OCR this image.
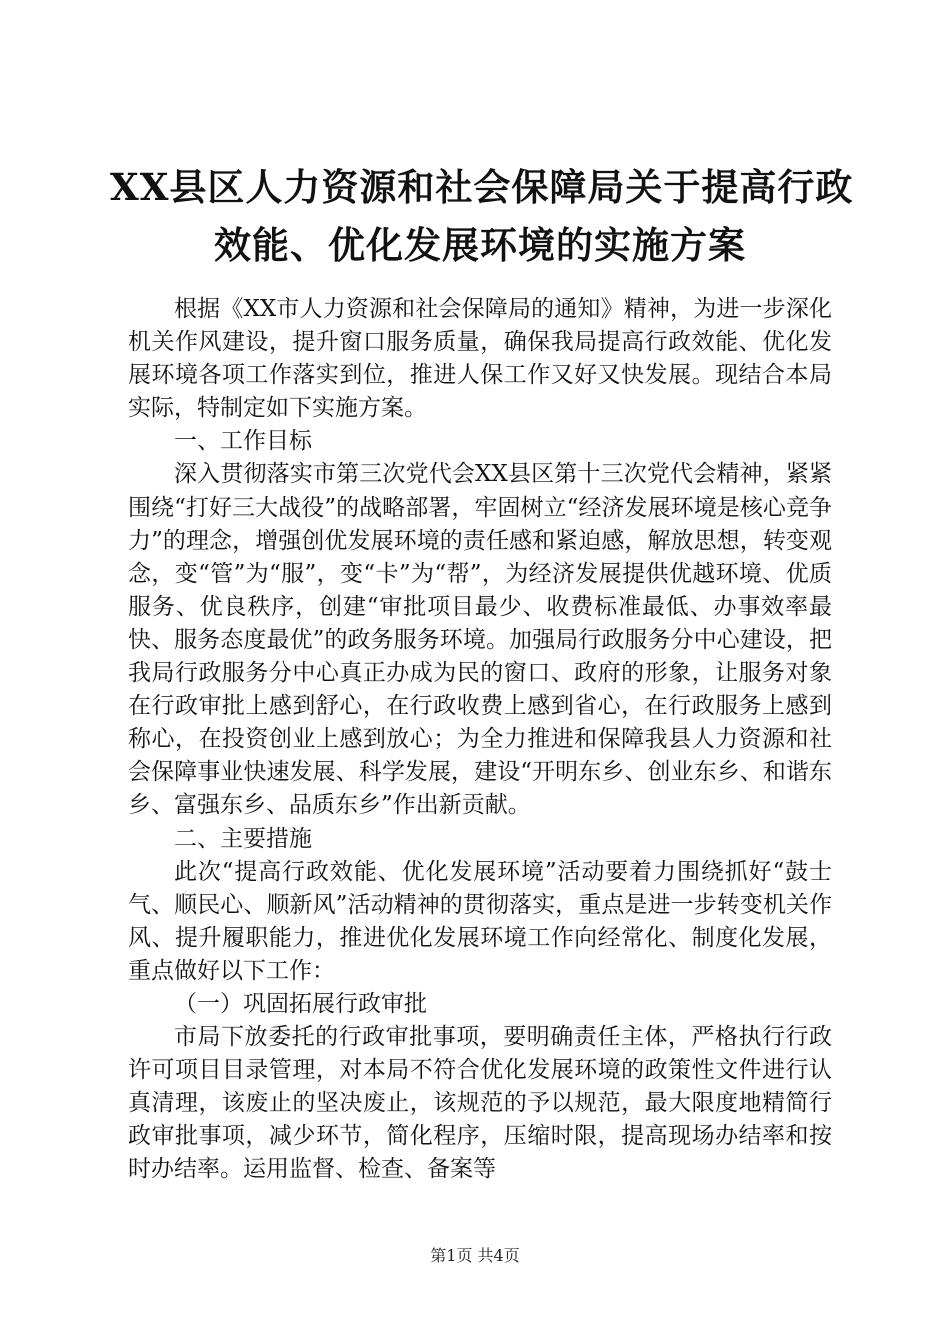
XX县区人力资源和社会保障局关于提高行政
效能、优化发展环境的实施方案

根据《XX市人力资源和社会保障局的通知》精神，为进一步深化机关作风建设，提升窗口服务质量，确保我局提高行政效能、优化发展环境各项工作落实到位，推进人保工作又好又快发展。现结合本局实际，特制定如下实施方案。

一、工作目标

深入贯彻落实市第三次党代会XX县区第十三次党代会精神，紧紧围绕“打好三大战役”的战略部署，牢固树立“经济发展环境是核心竞争力”的理念，增强创优发展环境的责任感和紧迫感，解放思想，转变观念，变“管”为“服”，变“卡”为“帮”，为经济发展提供优越环境、优质服务、优良秩序，创建“审批项目最少、收费标准最低、办事效率最快、服务态度最优”的政务服务环境。加强局行政服务分中心建设，把我局行政服务分中心真正办成为民的窗口、政府的形象，让服务对象在行政审批上感到舒心，在行政收费上感到省心，在行政服务上感到称心，在投资创业上感到放心；为全力推进和保障我县人力资源和社会保障事业快速发展、科学发展，建设“开明东乡、创业东乡、和谐东乡、富强东乡、品质东乡”作出新贡献。

二、主要措施

此次“提高行政效能、优化发展环境”活动要着力围绕抓好“鼓士气、顺民心、顺新风”活动精神的贯彻落实，重点是进一步转变机关作风、提升履职能力，推进优化发展环境工作向经常化、制度化发展，重点做好以下工作：

（一）巩固拓展行政审批

市局下放委托的行政审批事项，要明确责任主体，严格执行行政许可项目目录管理，对本局不符合优化发展环境的政策性文件进行认真清理，该废止的坚决废止，该规范的予以规范，最大限度地精简行政审批事项，减少环节，简化程序，压缩时限，提高现场办结率和按时办结率。运用监督、检查、备案等

第1页 共4页
